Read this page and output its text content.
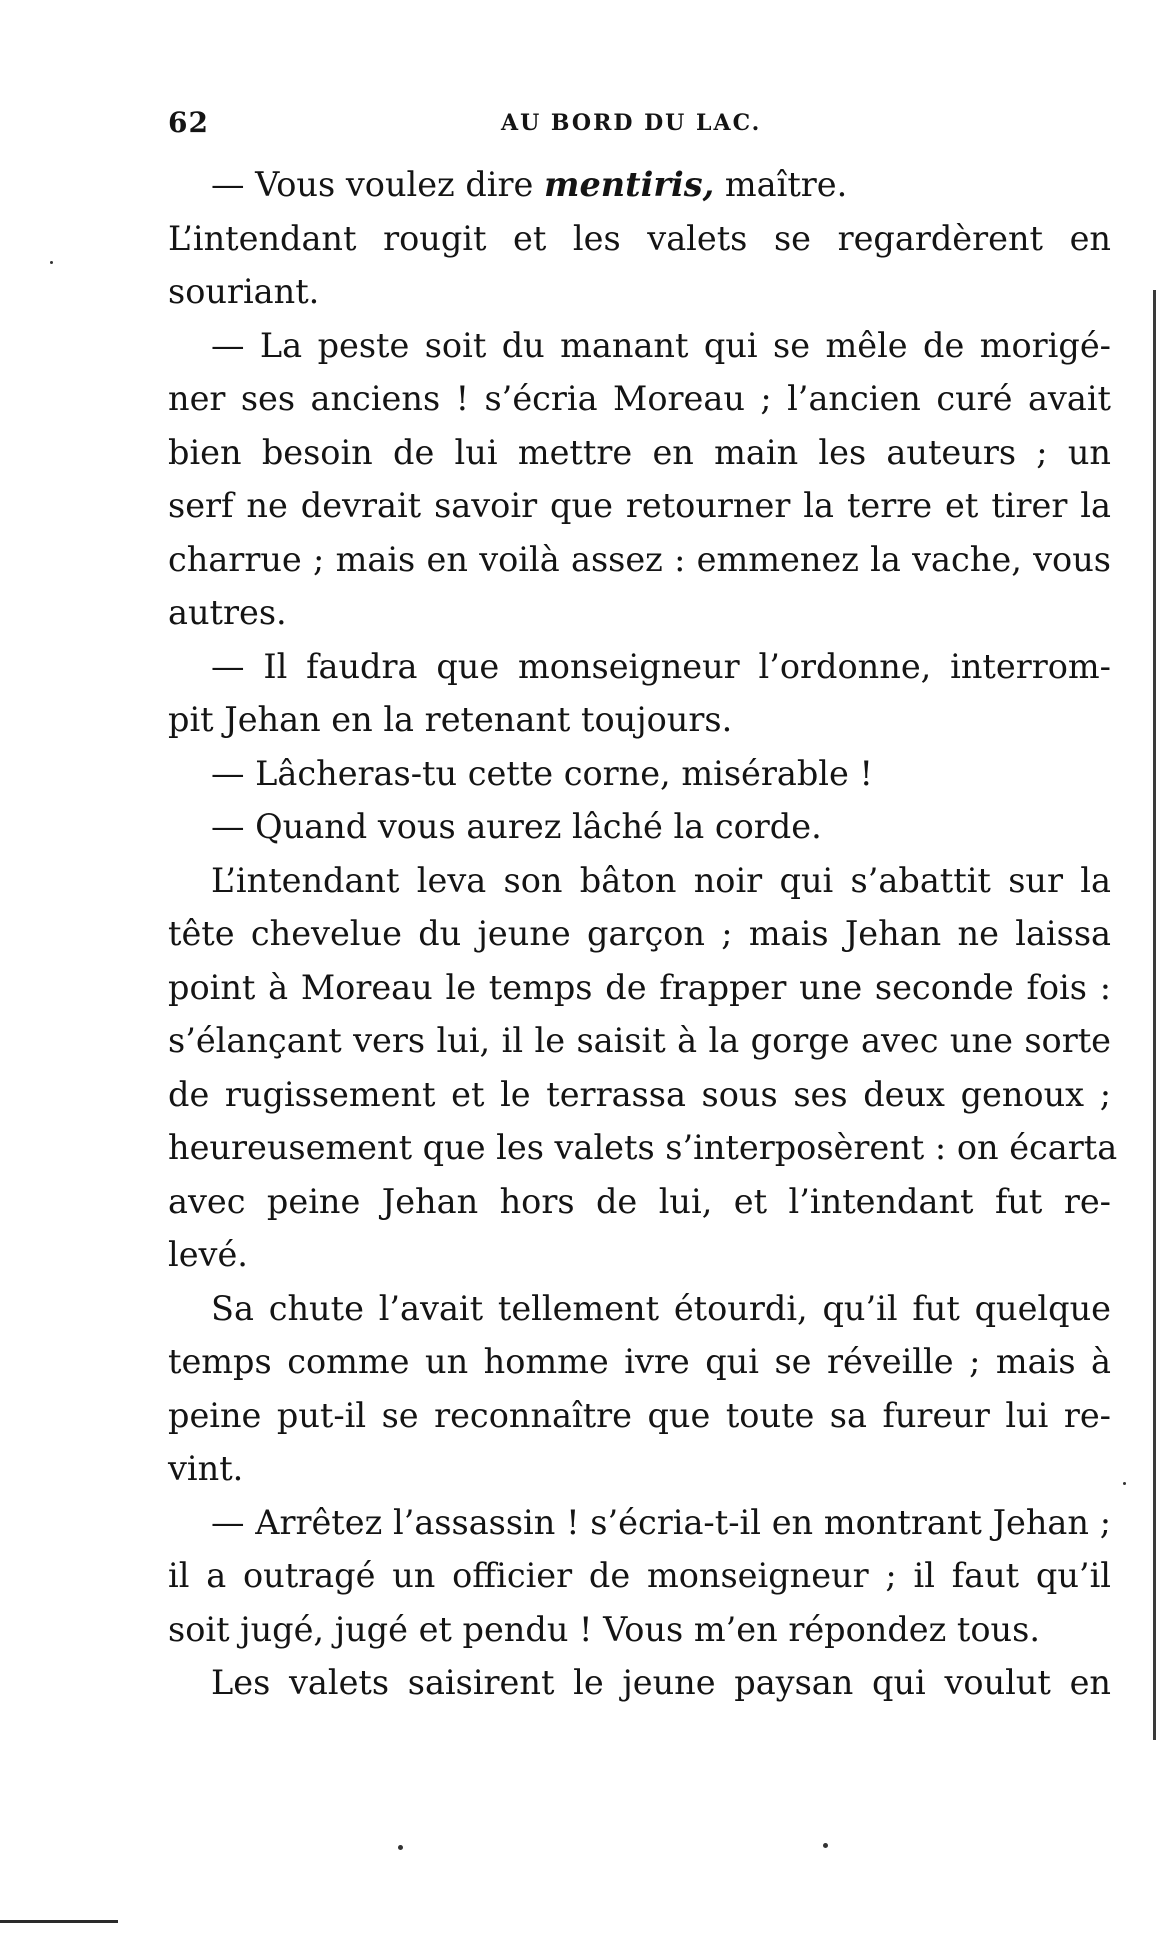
62	AU BORD DU LAC.
— Vous voulez dire mentiris, maître.
L’intendant rougit et les valets se regardèrent en
souriant.
— La peste soit du manant qui se mêle de morigé-
ner ses anciens ! s’écria Moreau ; l’ancien curé avait
bien besoin de lui mettre en main les auteurs ; un
serf ne devrait savoir que retourner la terre et tirer la
charrue ; mais en voilà assez : emmenez la vache, vous
autres.
— Il faudra que monseigneur l’ordonne, interrom-
pit Jehan en la retenant toujours.
— Lâcheras-tu cette corne, misérable !
— Quand vous aurez lâché la corde.
L’intendant leva son bâton noir qui s’abattit sur la
tête chevelue du jeune garçon ; mais Jehan ne laissa
point à Moreau le temps de frapper une seconde fois :
s’élançant vers lui, il le saisit à la gorge avec une sorte
de rugissement et le terrassa sous ses deux genoux ;
heureusement que les valets s’interposèrent : on écarta
avec peine Jehan hors de lui, et l’intendant fut re-
levé.
Sa chute l’avait tellement étourdi, qu’il fut quelque
temps comme un homme ivre qui se réveille ; mais à
peine put-il se reconnaître que toute sa fureur lui re-
vint.
— Arrêtez l’assassin ! s’écria-t-il en montrant Jehan ;
il a outragé un officier de monseigneur ; il faut qu’il
soit jugé, jugé et pendu ! Vous m’en répondez tous.
Les valets saisirent le jeune paysan qui voulut en
